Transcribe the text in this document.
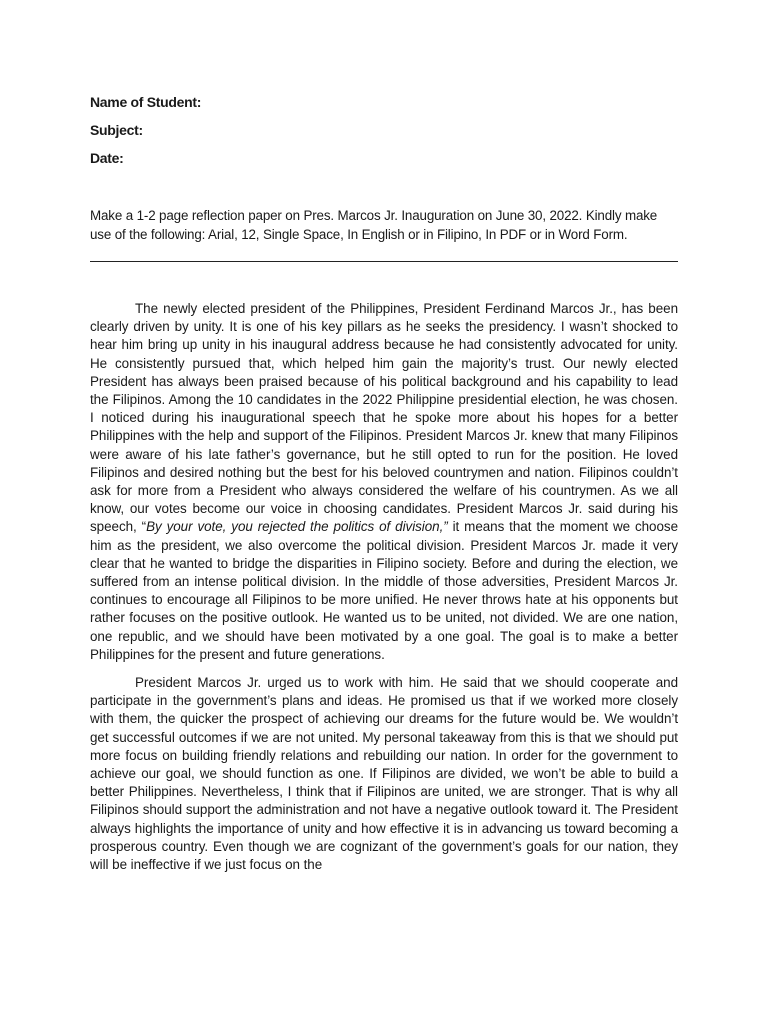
Name of Student:
Subject:
Date:
Make a 1-2 page reflection paper on Pres. Marcos Jr. Inauguration on June 30, 2022. Kindly make use of the following: Arial, 12, Single Space, In English or in Filipino, In PDF or in Word Form.

The newly elected president of the Philippines, President Ferdinand Marcos Jr., has been clearly driven by unity. It is one of his key pillars as he seeks the presidency. I wasn’t shocked to hear him bring up unity in his inaugural address because he had consistently advocated for unity. He consistently pursued that, which helped him gain the majority’s trust. Our newly elected President has always been praised because of his political background and his capability to lead the Filipinos. Among the 10 candidates in the 2022 Philippine presidential election, he was chosen. I noticed during his inaugurational speech that he spoke more about his hopes for a better Philippines with the help and support of the Filipinos. President Marcos Jr. knew that many Filipinos were aware of his late father’s governance, but he still opted to run for the position. He loved Filipinos and desired nothing but the best for his beloved countrymen and nation. Filipinos couldn’t ask for more from a President who always considered the welfare of his countrymen. As we all know, our votes become our voice in choosing candidates. President Marcos Jr. said during his speech, “By your vote, you rejected the politics of division,” it means that the moment we choose him as the president, we also overcome the political division. President Marcos Jr. made it very clear that he wanted to bridge the disparities in Filipino society. Before and during the election, we suffered from an intense political division. In the middle of those adversities, President Marcos Jr. continues to encourage all Filipinos to be more unified. He never throws hate at his opponents but rather focuses on the positive outlook. He wanted us to be united, not divided. We are one nation, one republic, and we should have been motivated by a one goal. The goal is to make a better Philippines for the present and future generations.

President Marcos Jr. urged us to work with him. He said that we should cooperate and participate in the government’s plans and ideas. He promised us that if we worked more closely with them, the quicker the prospect of achieving our dreams for the future would be. We wouldn’t get successful outcomes if we are not united. My personal takeaway from this is that we should put more focus on building friendly relations and rebuilding our nation. In order for the government to achieve our goal, we should function as one. If Filipinos are divided, we won’t be able to build a better Philippines. Nevertheless, I think that if Filipinos are united, we are stronger. That is why all Filipinos should support the administration and not have a negative outlook toward it. The President always highlights the importance of unity and how effective it is in advancing us toward becoming a prosperous country. Even though we are cognizant of the government’s goals for our nation, they will be ineffective if we just focus on the
